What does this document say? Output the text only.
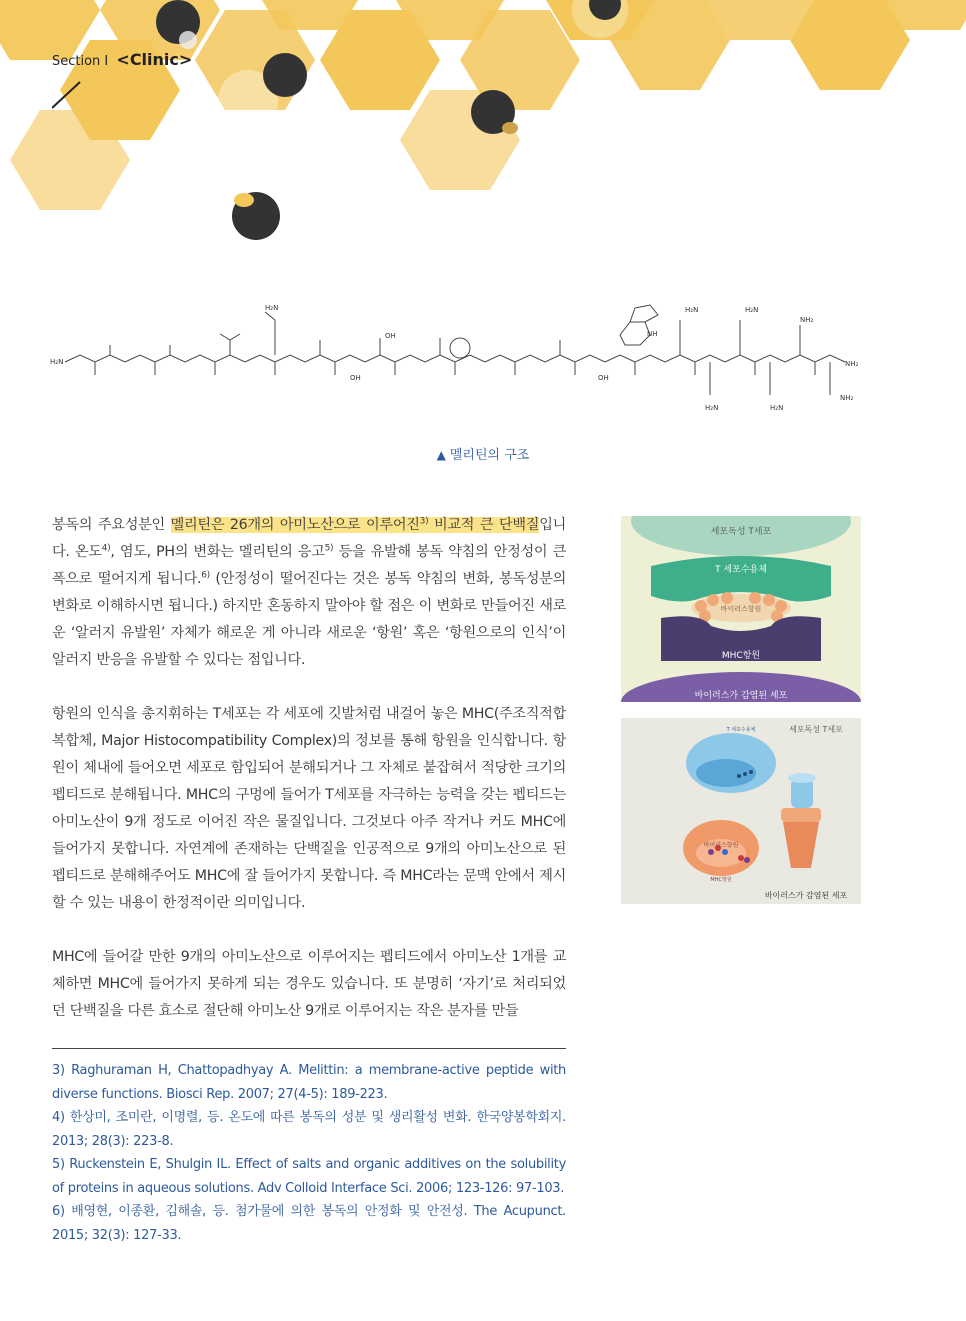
Section Ⅰ <Clinic>
H₂N
H₂N
OH
OH
NH
H₂N	H₂N
NH₂
NH₂
NH₂
H₂N	H₂N
OH
▲ 멜리틴의 구조

봉독의 주요성분인 멜리틴은 26개의 아미노산으로 이루어진$^{3)}$ 비교적 큰 단백질입니다. 온도$^{4)}$, 염도, PH의 변화는 멜리틴의 응고$^{5)}$ 등을 유발해 봉독 약침의 안정성이 큰 폭으로 떨어지게 됩니다.$^{6)}$ (안정성이 떨어진다는 것은 봉독 약침의 변화, 봉독성분의 변화로 이해하시면 됩니다.) 하지만 혼동하지 말아야 할 점은 이 변화로 만들어진 새로운 ‘알러지 유발원’ 자체가 해로운 게 아니라 새로운 ‘항원’ 혹은 ‘항원으로의 인식’이 알러지 반응을 유발할 수 있다는 점입니다.

항원의 인식을 총지휘하는 T세포는 각 세포에 깃발처럼 내걸어 놓은 MHC(주조직적합 복합체, Major Histocompatibility Complex)의 정보를 통해 항원을 인식합니다. 항원이 체내에 들어오면 세포로 함입되어 분해되거나 그 자체로 붙잡혀서 적당한 크기의 펩티드로 분해됩니다. MHC의 구멍에 들어가 T세포를 자극하는 능력을 갖는 펩티드는 아미노산이 9개 정도로 이어진 작은 물질입니다. 그것보다 아주 작거나 커도 MHC에 들어가지 못합니다. 자연계에 존재하는 단백질을 인공적으로 9개의 아미노산으로 된 펩티드로 분해해주어도 MHC에 잘 들어가지 못합니다. 즉 MHC라는 문맥 안에서 제시할 수 있는 내용이 한정적이란 의미입니다.

MHC에 들어갈 만한 9개의 아미노산으로 이루어지는 펩티드에서 아미노산 1개를 교체하면 MHC에 들어가지 못하게 되는 경우도 있습니다. 또 분명히 ‘자기’로 처리되었던 단백질을 다른 효소로 절단해 아미노산 9개로 이루어지는 작은 분자를 만들

3) Raghuraman H, Chattopadhyay A. Melittin: a membrane-active peptide with diverse functions. Biosci Rep. 2007; 27(4-5): 189-223.
4) 한상미, 조미란, 이명렬, 등. 온도에 따른 봉독의 성분 및 생리활성 변화. 한국양봉학회지. 2013; 28(3): 223-8.
5) Ruckenstein E, Shulgin IL. Effect of salts and organic additives on the solubility of proteins in aqueous solutions. Adv Colloid Interface Sci. 2006; 123-126: 97-103.
6) 배영현, 이종환, 김해솔, 등. 첨가물에 의한 봉독의 안정화 및 안전성. The Acupunct. 2015; 32(3): 127-33.
세포독성 T세포
T 세포수용체
바이러스항원
MHC항원
바이러스가 감염된 세포
세포독성 T세포
T 세포수용체
바이러스항원
MHC항원
바이러스가 감염된 세포
